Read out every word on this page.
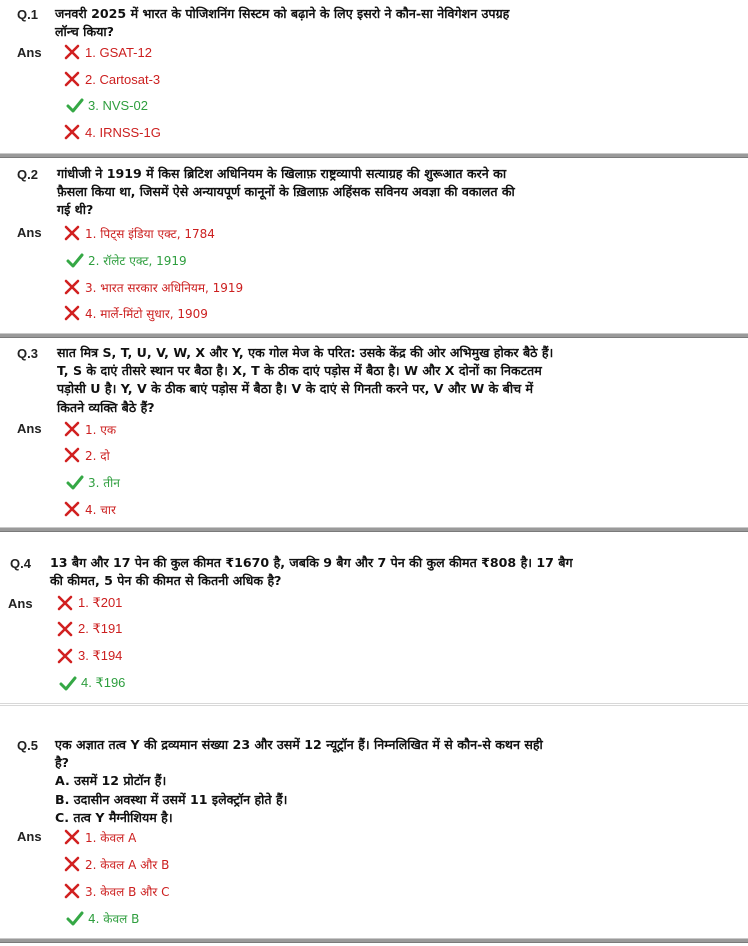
Q.1 जनवरी 2025 में भारत के पोजिशनिंग सिस्टम को बढ़ाने के लिए इसरो ने कौन-सा नेविगेशन उपग्रह
लॉन्च किया?
Ans	1. GSAT-12
2. Cartosat-3
3. NVS-02
4. IRNSS-1G
Q.2 गांधीजी ने 1919 में किस ब्रिटिश अधिनियम के खिलाफ़ राष्ट्रव्यापी सत्याग्रह की शुरूआत करने का
फ़ैसला किया था, जिसमें ऐसे अन्यायपूर्ण कानूनों के ख़िलाफ़ अहिंसक सविनय अवज्ञा की वकालत की
गई थी?
Ans	1. पिट्स इंडिया एक्ट, 1784
2. रॉलेट एक्ट, 1919
3. भारत सरकार अधिनियम, 1919
4. मार्ले-मिंटो सुधार, 1909
Q.3 सात मित्र S, T, U, V, W, X और Y, एक गोल मेज के परित: उसके केंद्र की ओर अभिमुख होकर बैठे हैं।
T, S के दाएं तीसरे स्थान पर बैठा है। X, T के ठीक दाएं पड़ोस में बैठा है। W और X दोनों का निकटतम
पड़ोसी U है। Y, V के ठीक बाएं पड़ोस में बैठा है। V के दाएं से गिनती करने पर, V और W के बीच में
कितने व्यक्ति बैठे हैं?
Ans	1. एक
2. दो
3. तीन
4. चार
Q.4 13 बैग और 17 पेन की कुल कीमत ₹1670 है, जबकि 9 बैग और 7 पेन की कुल कीमत ₹808 है। 17 बैग
की कीमत, 5 पेन की कीमत से कितनी अधिक है?
Ans	1. ₹201
2. ₹191
3. ₹194
4. ₹196
Q.5 एक अज्ञात तत्व Y की द्रव्यमान संख्या 23 और उसमें 12 न्यूट्रॉन हैं। निम्नलिखित में से कौन-से कथन सही
है?
A. उसमें 12 प्रोटॉन हैं।
B. उदासीन अवस्था में उसमें 11 इलेक्ट्रॉन होते हैं।
C. तत्व Y मैग्नीशियम है।
Ans	1. केवल A
2. केवल A और B
3. केवल B और C
4. केवल B
